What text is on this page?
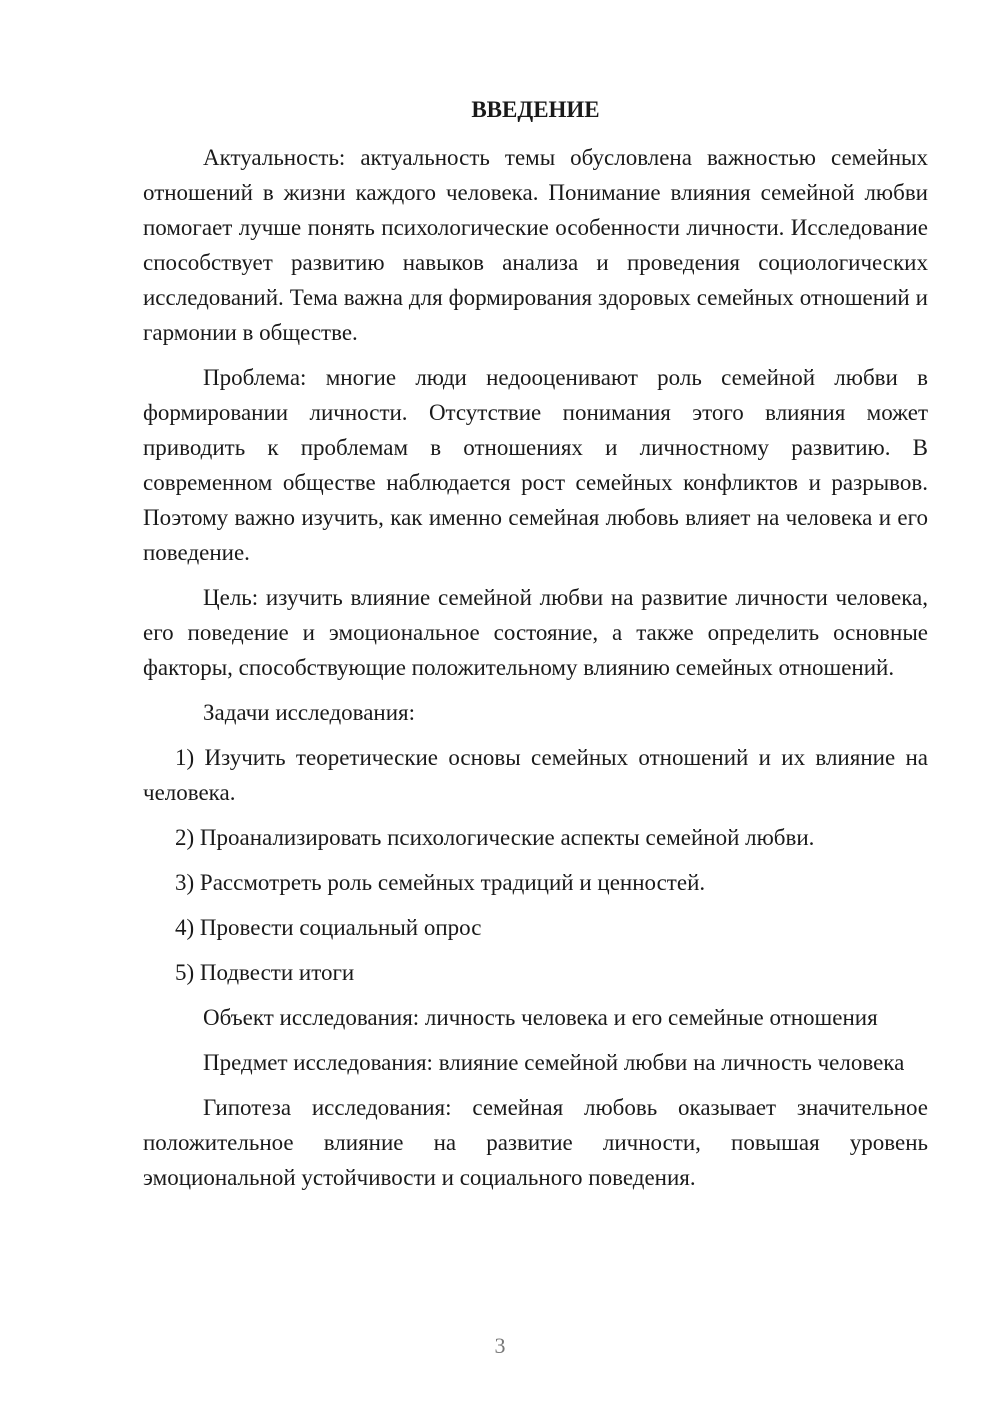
ВВЕДЕНИЕ

Актуальность: актуальность темы обусловлена важностью семейных отношений в жизни каждого человека. Понимание влияния семейной любви помогает лучше понять психологические особенности личности. Исследование способствует развитию навыков анализа и проведения социологических исследований. Тема важна для формирования здоровых семейных отношений и гармонии в обществе.

Проблема: многие люди недооценивают роль семейной любви в формировании личности. Отсутствие понимания этого влияния может приводить к проблемам в отношениях и личностному развитию. В современном обществе наблюдается рост семейных конфликтов и разрывов. Поэтому важно изучить, как именно семейная любовь влияет на человека и его поведение.

Цель: изучить влияние семейной любви на развитие личности человека, его поведение и эмоциональное состояние, а также определить основные факторы, способствующие положительному влиянию семейных отношений.

Задачи исследования:

1) Изучить теоретические основы семейных отношений и их влияние на человека.

2) Проанализировать психологические аспекты семейной любви.

3) Рассмотреть роль семейных традиций и ценностей.

4) Провести социальный опрос

5) Подвести итоги

Объект исследования: личность человека и его семейные отношения

Предмет исследования: влияние семейной любви на личность человека

Гипотеза исследования: семейная любовь оказывает значительное положительное влияние на развитие личности, повышая уровень эмоциональной устойчивости и социального поведения.

3
